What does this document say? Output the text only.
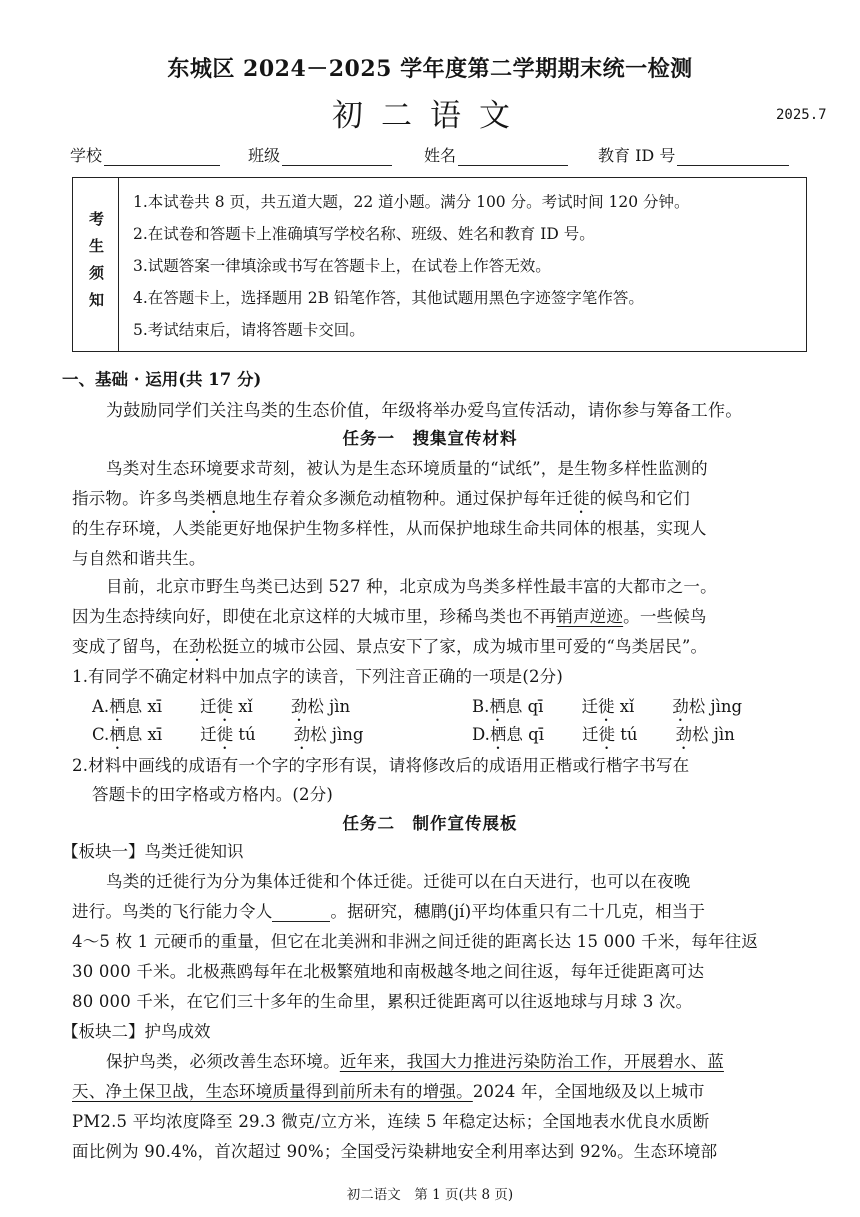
东城区 2024－2025 学年度第二学期期末统一检测
初二语文	2025.7
学校	班级	姓名	教育 ID 号
考生须知
1.本试卷共 8 页，共五道大题，22 道小题。满分 100 分。考试时间 120 分钟。
2.在试卷和答题卡上准确填写学校名称、班级、姓名和教育 ID 号。
3.试题答案一律填涂或书写在答题卡上，在试卷上作答无效。
4.在答题卡上，选择题用 2B 铅笔作答，其他试题用黑色字迹签字笔作答。
5.考试结束后，请将答题卡交回。
一、基础 · 运用(共 17 分)
为鼓励同学们关注鸟类的生态价值，年级将举办爱鸟宣传活动，请你参与筹备工作。
任务一　搜集宣传材料
鸟类对生态环境要求苛刻，被认为是生态环境质量的“试纸”，是生物多样性监测的
指示物。许多鸟类栖息地生存着众多濒危动植物种。通过保护每年迁徙的候鸟和它们
的生存环境，人类能更好地保护生物多样性，从而保护地球生命共同体的根基，实现人
与自然和谐共生。
目前，北京市野生鸟类已达到 527 种，北京成为鸟类多样性最丰富的大都市之一。
因为生态持续向好，即使在北京这样的大城市里，珍稀鸟类也不再销声逆迹。一些候鸟
变成了留鸟，在劲松挺立的城市公园、景点安下了家，成为城市里可爱的“鸟类居民”。
1.有同学不确定材料中加点字的读音，下列注音正确的一项是(2分)
A.栖息 xī 迁徙 xǐ 劲松 jìn	B.栖息 qī 迁徙 xǐ 劲松 jìng
C.栖息 xī 迁徙 tú 劲松 jìng	D.栖息 qī 迁徙 tú 劲松 jìn
2.材料中画线的成语有一个字的字形有误，请将修改后的成语用正楷或行楷字书写在
答题卡的田字格或方格内。(2分)
任务二　制作宣传展板
【板块一】鸟类迁徙知识
鸟类的迁徙行为分为集体迁徙和个体迁徙。迁徙可以在白天进行，也可以在夜晚
进行。鸟类的飞行能力令人	。据研究，穗鹛(jí)平均体重只有二十几克，相当于
4～5 枚 1 元硬币的重量，但它在北美洲和非洲之间迁徙的距离长达 15 000 千米，每年往返
30 000 千米。北极燕鸥每年在北极繁殖地和南极越冬地之间往返，每年迁徙距离可达
80 000 千米，在它们三十多年的生命里，累积迁徙距离可以往返地球与月球 3 次。
【板块二】护鸟成效
保护鸟类，必须改善生态环境。近年来，我国大力推进污染防治工作，开展碧水、蓝
天、净土保卫战，生态环境质量得到前所未有的增强。2024 年，全国地级及以上城市
PM2.5 平均浓度降至 29.3 微克/立方米，连续 5 年稳定达标；全国地表水优良水质断
面比例为 90.4%，首次超过 90%；全国受污染耕地安全利用率达到 92%。生态环境部
初二语文　第 1 页(共 8 页)
